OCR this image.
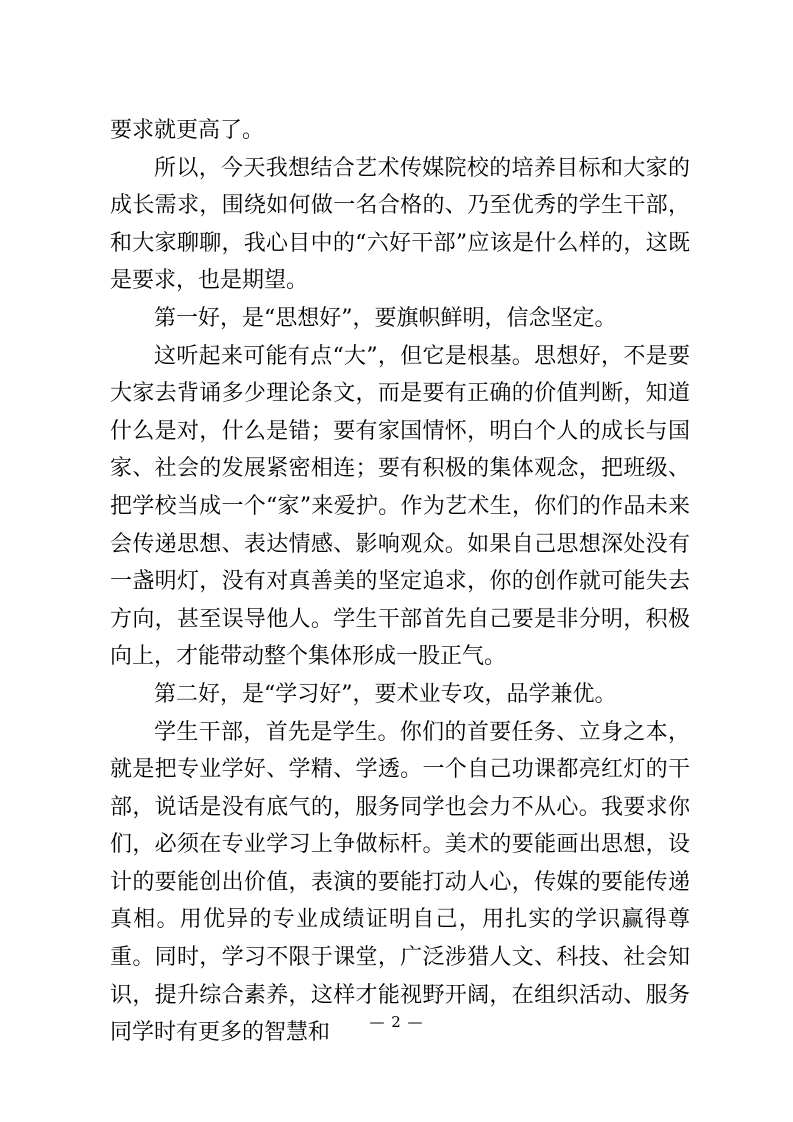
要求就更高了。

所以，今天我想结合艺术传媒院校的培养目标和大家的成长需求，围绕如何做一名合格的、乃至优秀的学生干部，和大家聊聊，我心目中的“六好干部”应该是什么样的，这既是要求，也是期望。

第一好，是“思想好”，要旗帜鲜明，信念坚定。

这听起来可能有点“大”，但它是根基。思想好，不是要大家去背诵多少理论条文，而是要有正确的价值判断，知道什么是对，什么是错；要有家国情怀，明白个人的成长与国家、社会的发展紧密相连；要有积极的集体观念，把班级、把学校当成一个“家”来爱护。作为艺术生，你们的作品未来会传递思想、表达情感、影响观众。如果自己思想深处没有一盏明灯，没有对真善美的坚定追求，你的创作就可能失去方向，甚至误导他人。学生干部首先自己要是非分明，积极向上，才能带动整个集体形成一股正气。

第二好，是“学习好”，要术业专攻，品学兼优。

学生干部，首先是学生。你们的首要任务、立身之本，就是把专业学好、学精、学透。一个自己功课都亮红灯的干部，说话是没有底气的，服务同学也会力不从心。我要求你们，必须在专业学习上争做标杆。美术的要能画出思想，设计的要能创出价值，表演的要能打动人心，传媒的要能传递真相。用优异的专业成绩证明自己，用扎实的学识赢得尊重。同时，学习不限于课堂，广泛涉猎人文、科技、社会知识，提升综合素养，这样才能视野开阔，在组织活动、服务同学时有更多的智慧和	— 2 —
